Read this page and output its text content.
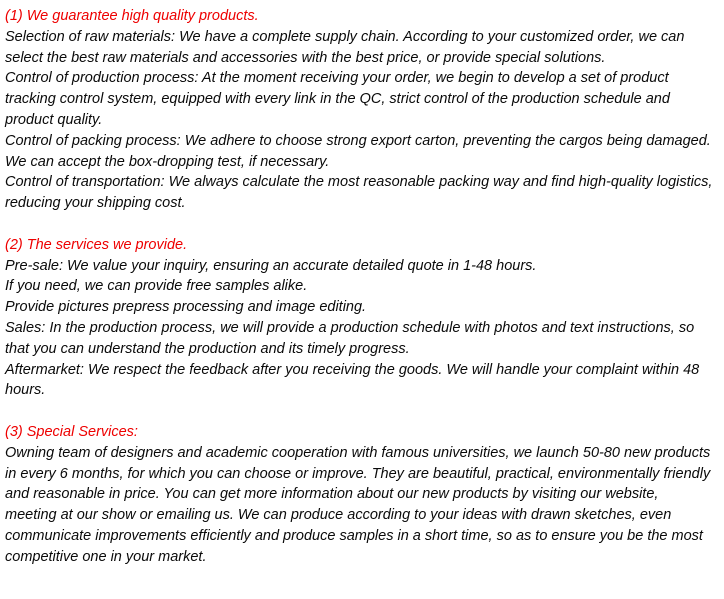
(1) We guarantee high quality products.

Selection of raw materials: We have a complete supply chain. According to your customized order, we can select the best raw materials and accessories with the best price, or provide special solutions.

Control of production process: At the moment receiving your order, we begin to develop a set of product tracking control system, equipped with every link in the QC, strict control of the production schedule and product quality.

Control of packing process: We adhere to choose strong export carton, preventing the cargos being damaged. We can accept the box-dropping test, if necessary.

Control of transportation: We always calculate the most reasonable packing way and find high-quality logistics, reducing your shipping cost.

(2) The services we provide.

Pre-sale: We value your inquiry, ensuring an accurate detailed quote in 1-48 hours.

If you need, we can provide free samples alike.

Provide pictures prepress processing and image editing.

Sales: In the production process, we will provide a production schedule with photos and text instructions, so that you can understand the production and its timely progress.

Aftermarket: We respect the feedback after you receiving the goods. We will handle your complaint within 48 hours.

(3) Special Services:

Owning team of designers and academic cooperation with famous universities, we launch 50-80 new products in every 6 months, for which you can choose or improve. They are beautiful, practical, environmentally friendly and reasonable in price. You can get more information about our new products by visiting our website, meeting at our show or emailing us. We can produce according to your ideas with drawn sketches, even communicate improvements efficiently and produce samples in a short time, so as to ensure you be the most competitive one in your market.
